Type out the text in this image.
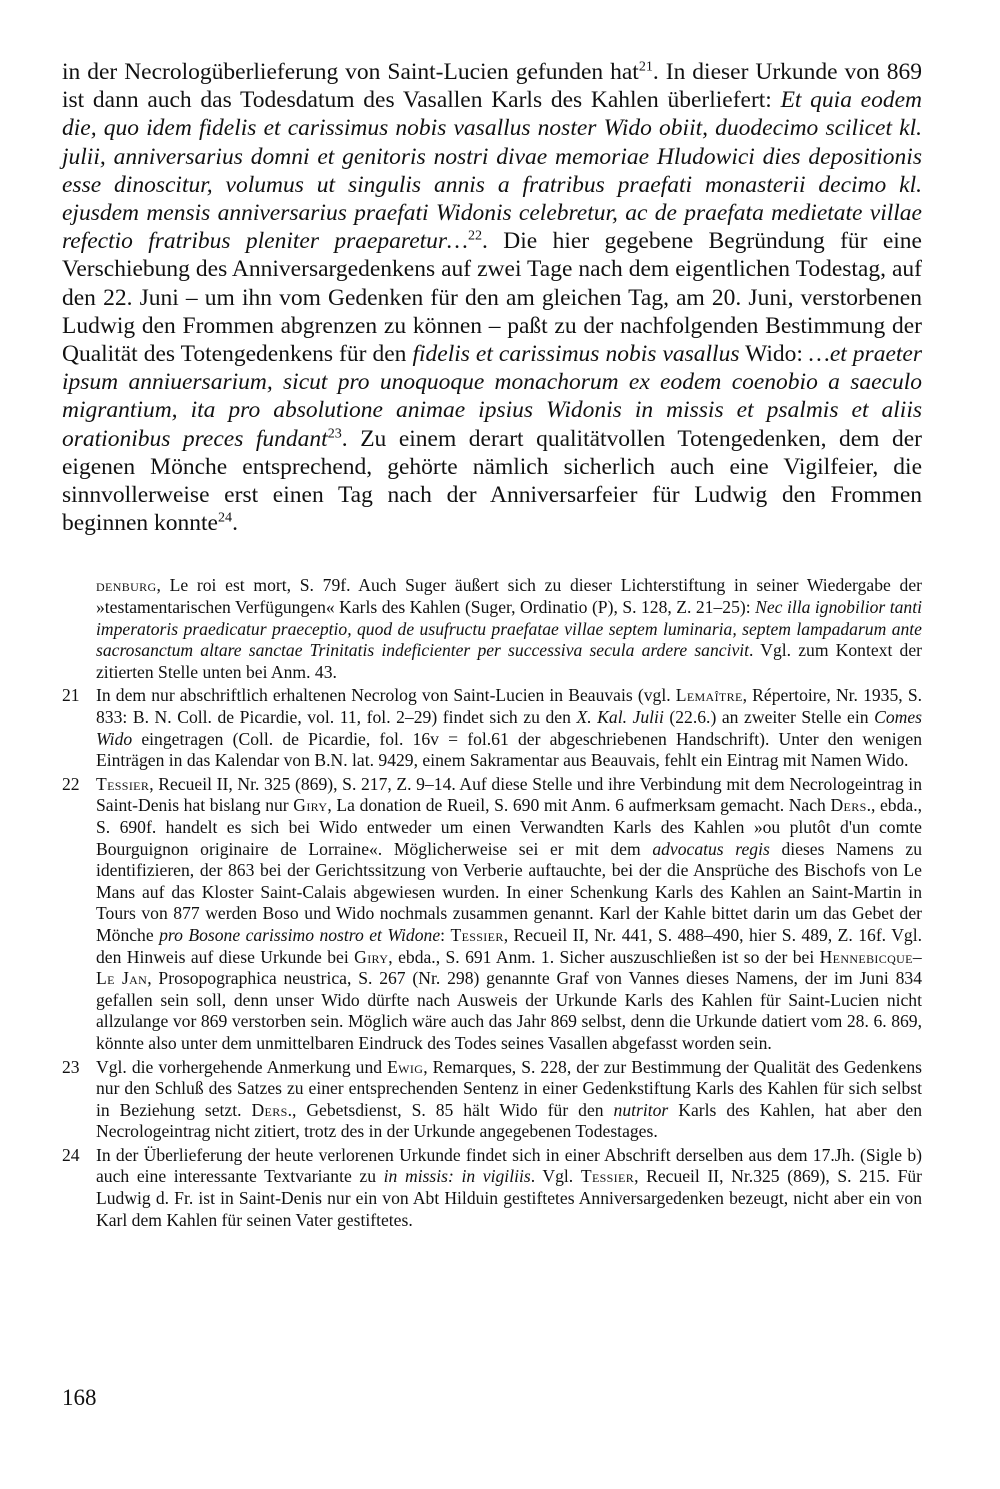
in der Necrologüberlieferung von Saint-Lucien gefunden hat$^{21}$. In dieser Urkunde von 869 ist dann auch das Todesdatum des Vasallen Karls des Kahlen überliefert: Et quia eodem die, quo idem fidelis et carissimus nobis vasallus noster Wido obiit, duodecimo scilicet kl. julii, anniversarius domni et genitoris nostri divae memoriae Hludowici dies depositionis esse dinoscitur, volumus ut singulis annis a fratribus praefati monasterii decimo kl. ejusdem mensis anniversarius praefati Widonis celebretur, ac de praefata medietate villae refectio fratribus pleniter praeparetur…$^{22}$. Die hier gegebene Begründung für eine Verschiebung des Anniversargedenkens auf zwei Tage nach dem eigentlichen Todestag, auf den 22. Juni – um ihn vom Gedenken für den am gleichen Tag, am 20. Juni, verstorbenen Ludwig den Frommen abgrenzen zu können – paßt zu der nachfolgenden Bestimmung der Qualität des Totengedenkens für den fidelis et carissimus nobis vasallus Wido: …et praeter ipsum anniuersarium, sicut pro unoquoque monachorum ex eodem coenobio a saeculo migrantium, ita pro absolutione animae ipsius Widonis in missis et psalmis et aliis orationibus preces fundant$^{23}$. Zu einem derart qualitätvollen Totengedenken, dem der eigenen Mönche entsprechend, gehörte nämlich sicherlich auch eine Vigilfeier, die sinnvollerweise erst einen Tag nach der Anniversarfeier für Ludwig den Frommen beginnen konnte$^{24}$.

denburg, Le roi est mort, S. 79f. Auch Suger äußert sich zu dieser Lichterstiftung in seiner Wiedergabe der »testamentarischen Verfügungen« Karls des Kahlen (Suger, Ordinatio (P), S. 128, Z. 21–25): Nec illa ignobilior tanti imperatoris praedicatur praeceptio, quod de usufructu praefatae villae septem luminaria, septem lampadarum ante sacrosanctum altare sanctae Trinitatis indeficienter per successiva secula ardere sancivit. Vgl. zum Kontext der zitierten Stelle unten bei Anm. 43.

21 In dem nur abschriftlich erhaltenen Necrolog von Saint-Lucien in Beauvais (vgl. Lemaître, Répertoire, Nr. 1935, S. 833: B. N. Coll. de Picardie, vol. 11, fol. 2–29) findet sich zu den X. Kal. Julii (22.6.) an zweiter Stelle ein Comes Wido eingetragen (Coll. de Picardie, fol. 16v = fol.61 der abgeschriebenen Handschrift). Unter den wenigen Einträgen in das Kalendar von B.N. lat. 9429, einem Sakramentar aus Beauvais, fehlt ein Eintrag mit Namen Wido.

22 Tessier, Recueil II, Nr. 325 (869), S. 217, Z. 9–14. Auf diese Stelle und ihre Verbindung mit dem Necrologeintrag in Saint-Denis hat bislang nur Giry, La donation de Rueil, S. 690 mit Anm. 6 aufmerksam gemacht. Nach Ders., ebda., S. 690f. handelt es sich bei Wido entweder um einen Verwandten Karls des Kahlen »ou plutôt d'un comte Bourguignon originaire de Lorraine«. Möglicherweise sei er mit dem advocatus regis dieses Namens zu identifizieren, der 863 bei der Gerichtssitzung von Verberie auftauchte, bei der die Ansprüche des Bischofs von Le Mans auf das Kloster Saint-Calais abgewiesen wurden. In einer Schenkung Karls des Kahlen an Saint-Martin in Tours von 877 werden Boso und Wido nochmals zusammen genannt. Karl der Kahle bittet darin um das Gebet der Mönche pro Bosone carissimo nostro et Widone: Tessier, Recueil II, Nr. 441, S. 488–490, hier S. 489, Z. 16f. Vgl. den Hinweis auf diese Urkunde bei Giry, ebda., S. 691 Anm. 1. Sicher auszuschließen ist so der bei Hennebicque–Le Jan, Prosopographica neustrica, S. 267 (Nr. 298) genannte Graf von Vannes dieses Namens, der im Juni 834 gefallen sein soll, denn unser Wido dürfte nach Ausweis der Urkunde Karls des Kahlen für Saint-Lucien nicht allzulange vor 869 verstorben sein. Möglich wäre auch das Jahr 869 selbst, denn die Urkunde datiert vom 28. 6. 869, könnte also unter dem unmittelbaren Eindruck des Todes seines Vasallen abgefasst worden sein.

23 Vgl. die vorhergehende Anmerkung und Ewig, Remarques, S. 228, der zur Bestimmung der Qualität des Gedenkens nur den Schluß des Satzes zu einer entsprechenden Sentenz in einer Gedenkstiftung Karls des Kahlen für sich selbst in Beziehung setzt. Ders., Gebetsdienst, S. 85 hält Wido für den nutritor Karls des Kahlen, hat aber den Necrologeintrag nicht zitiert, trotz des in der Urkunde angegebenen Todestages.

24 In der Überlieferung der heute verlorenen Urkunde findet sich in einer Abschrift derselben aus dem 17.Jh. (Sigle b) auch eine interessante Textvariante zu in missis: in vigiliis. Vgl. Tessier, Recueil II, Nr.325 (869), S. 215. Für Ludwig d. Fr. ist in Saint-Denis nur ein von Abt Hilduin gestiftetes Anniversargedenken bezeugt, nicht aber ein von Karl dem Kahlen für seinen Vater gestiftetes.

168
